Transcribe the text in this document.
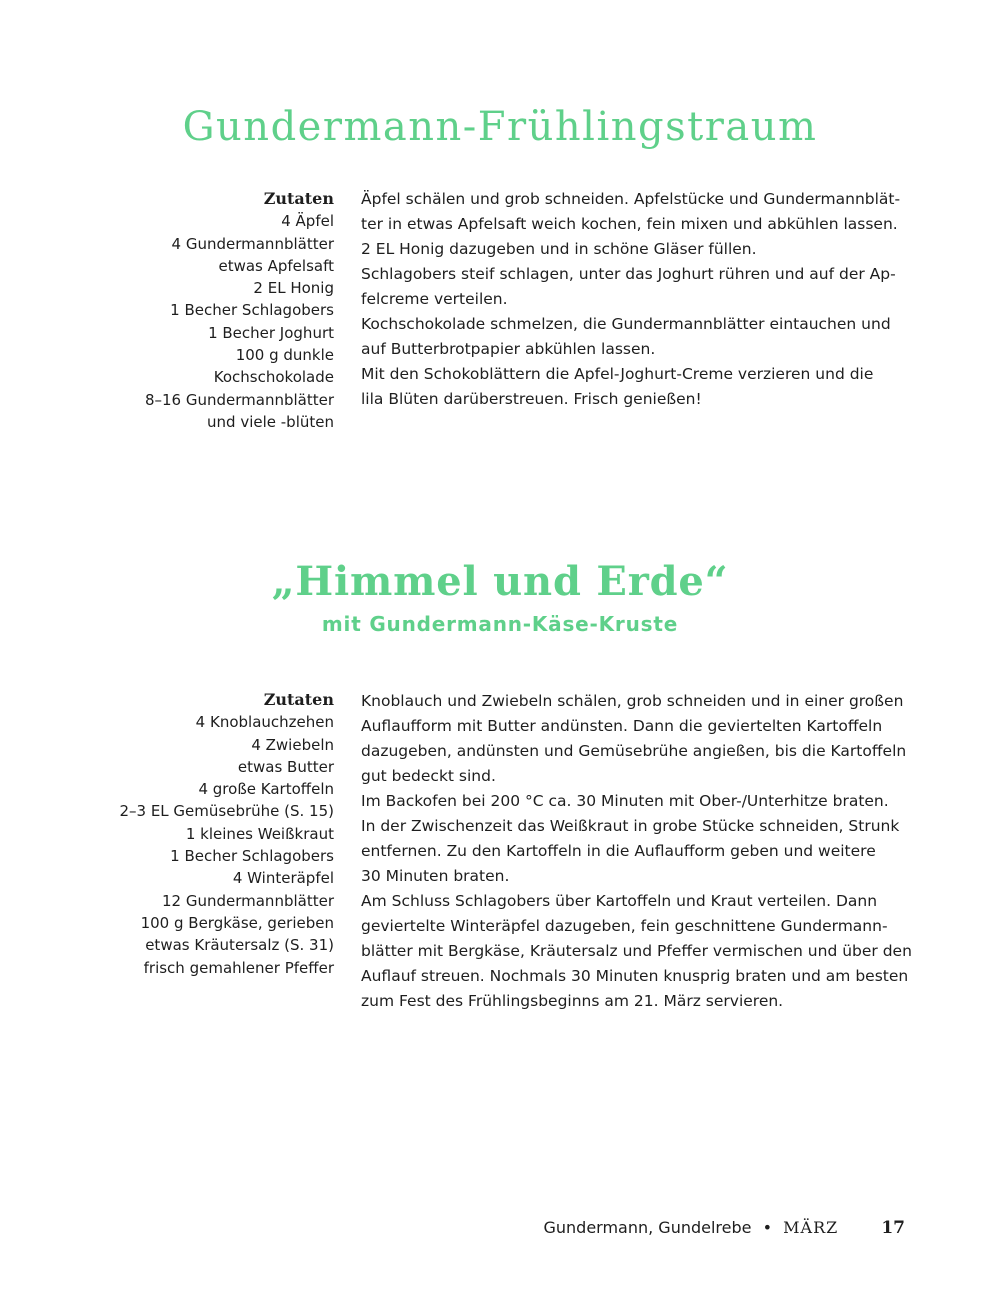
Gundermann-Frühlingstraum
Zutaten
4 Äpfel
4 Gundermannblätter
etwas Apfelsaft
2 EL Honig
1 Becher Schlagobers
1 Becher Joghurt
100 g dunkle
Kochschokolade
8–16 Gundermannblätter
und viele -blüten
Äpfel schälen und grob schneiden. Apfelstücke und Gundermannblät-
ter in etwas Apfelsaft weich kochen, fein mixen und abkühlen lassen.
2 EL Honig dazugeben und in schöne Gläser füllen.
Schlagobers steif schlagen, unter das Joghurt rühren und auf der Ap-
felcreme verteilen.
Kochschokolade schmelzen, die Gundermannblätter eintauchen und
auf Butterbrotpapier abkühlen lassen.
Mit den Schokoblättern die Apfel-Joghurt-Creme verzieren und die
lila Blüten darüberstreuen. Frisch genießen!
„Himmel und Erde“
mit Gundermann-Käse-Kruste
Zutaten
4 Knoblauchzehen
4 Zwiebeln
etwas Butter
4 große Kartoffeln
2–3 EL Gemüsebrühe (S. 15)
1 kleines Weißkraut
1 Becher Schlagobers
4 Winteräpfel
12 Gundermannblätter
100 g Bergkäse, gerieben
etwas Kräutersalz (S. 31)
frisch gemahlener Pfeffer
Knoblauch und Zwiebeln schälen, grob schneiden und in einer großen
Auflaufform mit Butter andünsten. Dann die geviertelten Kartoffeln
dazugeben, andünsten und Gemüsebrühe angießen, bis die Kartoffeln
gut bedeckt sind.
Im Backofen bei 200 °C ca. 30 Minuten mit Ober-/Unterhitze braten.
In der Zwischenzeit das Weißkraut in grobe Stücke schneiden, Strunk
entfernen. Zu den Kartoffeln in die Auflaufform geben und weitere
30 Minuten braten.
Am Schluss Schlagobers über Kartoffeln und Kraut verteilen. Dann
geviertelte Winteräpfel dazugeben, fein geschnittene Gundermann-
blätter mit Bergkäse, Kräutersalz und Pfeffer vermischen und über den
Auflauf streuen. Nochmals 30 Minuten knusprig braten und am besten
zum Fest des Frühlingsbeginns am 21. März servieren.
Gundermann, Gundelrebe • MÄRZ	17
